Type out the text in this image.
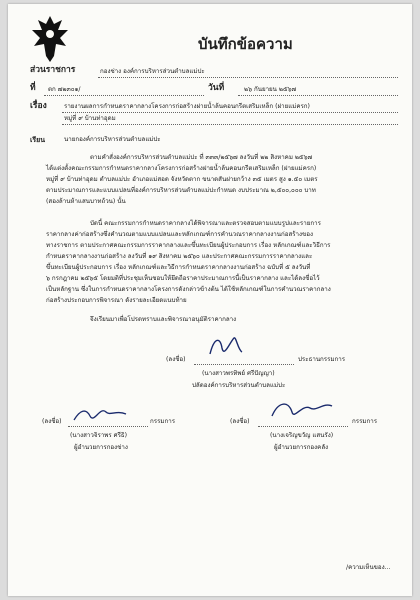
บันทึกข้อความ
ส่วนราชการ	กองช่าง องค์การบริหารส่วนตำบลแม่ปะ
ที่ ตก ๗๒๓๐๑/	วันที่	๒๖ กันยายน ๒๕๖๗
เรื่อง	รายงานผลการกำหนดราคากลางโครงการก่อสร้างฝายน้ำล้นคอนกรีตเสริมเหล็ก (ฝายแม่ครก)
หมู่ที่ ๙ บ้านท่าอุดม
เรียน	นายกองค์การบริหารส่วนตำบลแม่ปะ
ตามคำสั่งองค์การบริหารส่วนตำบลแม่ปะ ที่ ๓๓๓/๒๕๖๗ ลงวันที่ ๒๒ สิงหาคม ๒๕๖๗
ได้แต่งตั้งคณะกรรมการกำหนดราคากลางโครงการก่อสร้างฝายน้ำล้นคอนกรีตเสริมเหล็ก (ฝายแม่ครก)
หมู่ที่ ๙ บ้านท่าอุดม ตำบลแม่ปะ อำเภอแม่สอด จังหวัดตาก ขนาดสันฝายกว้าง ๓๕ เมตร สูง ๑.๕๐ เมตร
ตามประมาณการและแบบแปลนที่องค์การบริหารส่วนตำบลแม่ปะกำหนด งบประมาณ ๒,๕๐๐,๐๐๐ บาท
(สองล้านห้าแสนบาทถ้วน) นั้น
บัดนี้ คณะกรรมการกำหนดราคากลางได้พิจารณาและตรวจสอบตามแบบรูปและรายการ
ราคากลางค่าก่อสร้างซึ่งคำนวณตามแบบแปลนและหลักเกณฑ์การคำนวณราคากลางงานก่อสร้างของ
ทางราชการ ตามประกาศคณะกรรมการราคากลางและขึ้นทะเบียนผู้ประกอบการ เรื่อง หลักเกณฑ์และวิธีการ
กำหนดราคากลางงานก่อสร้าง ลงวันที่ ๑๙ สิงหาคม ๒๕๖๐ และประกาศคณะกรรมการราคากลางและ
ขึ้นทะเบียนผู้ประกอบการ เรื่อง หลักเกณฑ์และวิธีการกำหนดราคากลางงานก่อสร้าง ฉบับที่ ๕ ลงวันที่
๖ กรกฎาคม ๒๕๖๕ โดยมติที่ประชุมเห็นชอบให้ยึดถือราคาประมาณการนี้เป็นราคากลาง และได้ลงชื่อไว้
เป็นหลักฐาน ซึ่งในการกำหนดราคากลางโครงการดังกล่าวข้างต้น ได้ใช้หลักเกณฑ์ในการคำนวณราคากลาง
ก่อสร้างประกอบการพิจารณา ดังรายละเอียดแนบท้าย
จึงเรียนมาเพื่อโปรดทราบและพิจารณาอนุมัติราคากลาง
(ลงชื่อ)	ประธานกรรมการ
(นางสาวพรทิพย์ ศรีปัญญา)
ปลัดองค์การบริหารส่วนตำบลแม่ปะ
(ลงชื่อ)	กรรมการ
(นางสาวจิราพร ศรีธิ)
ผู้อำนวยการกองช่าง
(ลงชื่อ)	กรรมการ
(นางเจริญขวัญ แสนรัง)
ผู้อำนวยการกองคลัง
/ความเห็นของ...
